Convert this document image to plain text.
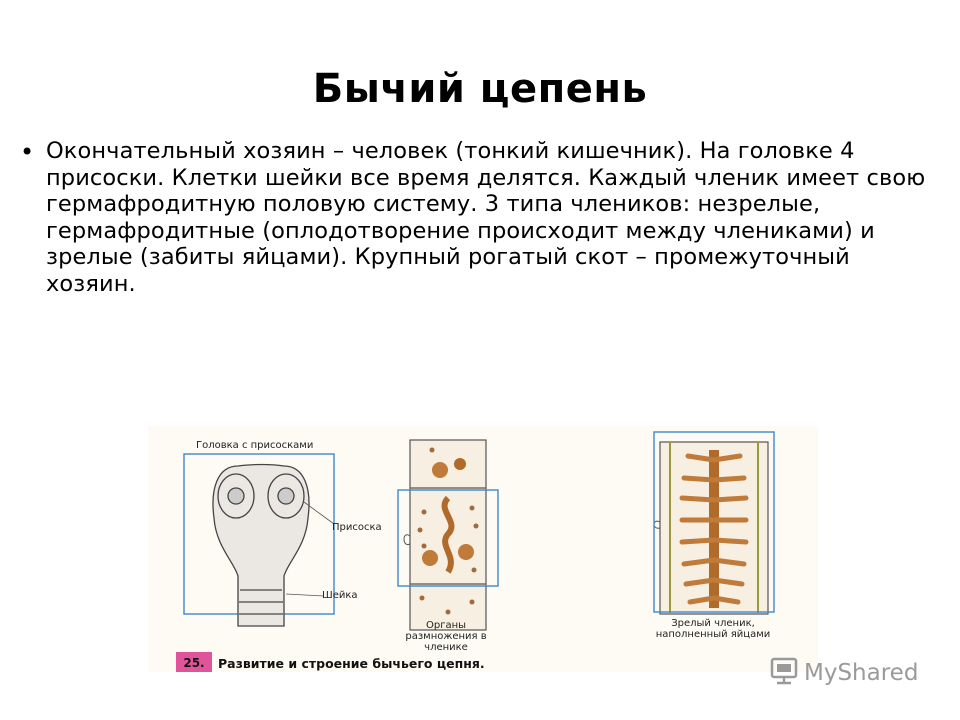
Бычий цепень
• Окончательный хозяин – человек (тонкий кишечник). На головке 4 присоски. Клетки шейки все время делятся. Каждый членик имеет свою гермафродитную половую систему. 3 типа члеников: незрелые, гермафродитные (оплодотворение происходит между члениками) и зрелые (забиты яйцами). Крупный рогатый скот – промежуточный хозяин.
Головка с присосками
Присоска
Шейка
Органы размножения в членике
Зрелый членик, наполненный яйцами
25.	Развитие и строение бычьего цепня.	MyShared
